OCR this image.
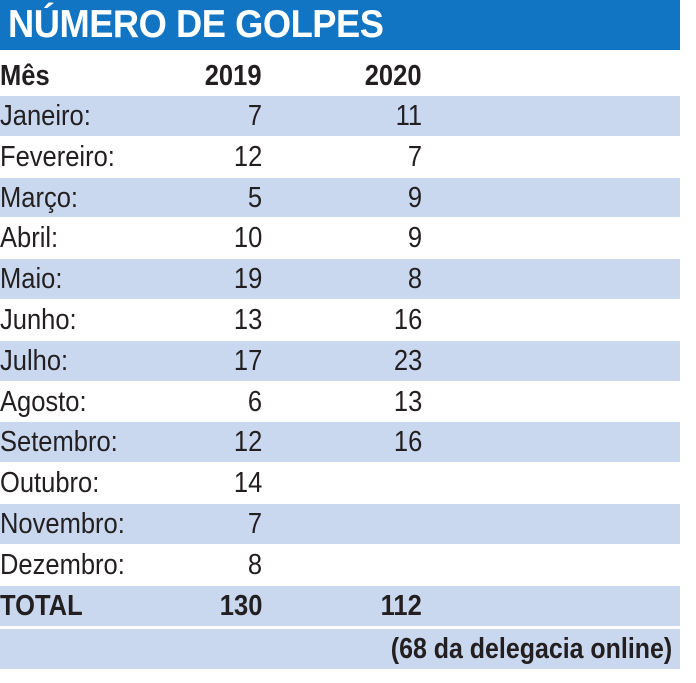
NÚMERO DE GOLPES
Mês	2019	2020
Janeiro:	7	11
Fevereiro:	12	7
Março:	5	9
Abril:	10	9
Maio:	19	8
Junho:	13	16
Julho:	17	23
Agosto:	6	13
Setembro:	12	16
Outubro:	14
Novembro:	7
Dezembro:	8
TOTAL	130	112
(68 da delegacia online)
